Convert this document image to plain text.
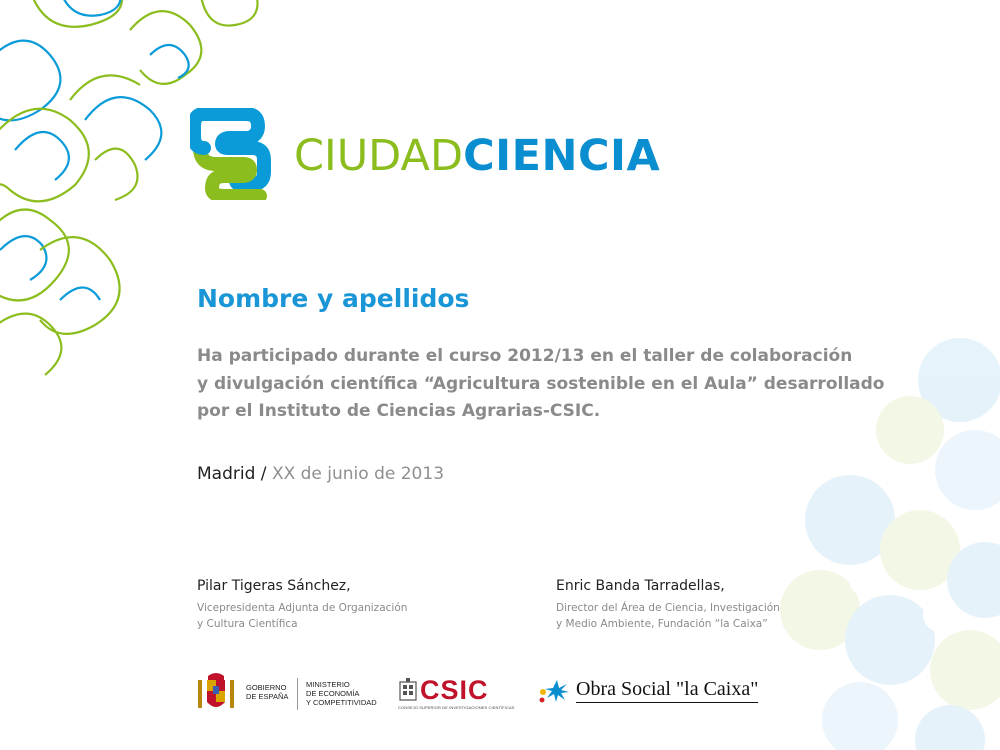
CIUDADCIENCIA
Nombre y apellidos
Ha participado durante el curso 2012/13 en el taller de colaboración
y divulgación científica “Agricultura sostenible en el Aula” desarrollado
por el Instituto de Ciencias Agrarias-CSIC.
Madrid / XX de junio de 2013
Pilar Tigeras Sánchez,
Vicepresidenta Adjunta de Organización
y Cultura Científica
Enric Banda Tarradellas,
Director del Área de Ciencia, Investigación
y Medio Ambiente, Fundación “la Caixa”
GOBIERNO
DE ESPAÑA
MINISTERIO
DE ECONOMÍA
Y COMPETITIVIDAD CSIC
CONSEJO SUPERIOR DE INVESTIGACIONES CIENTÍFICAS
Obra Social "la Caixa"
